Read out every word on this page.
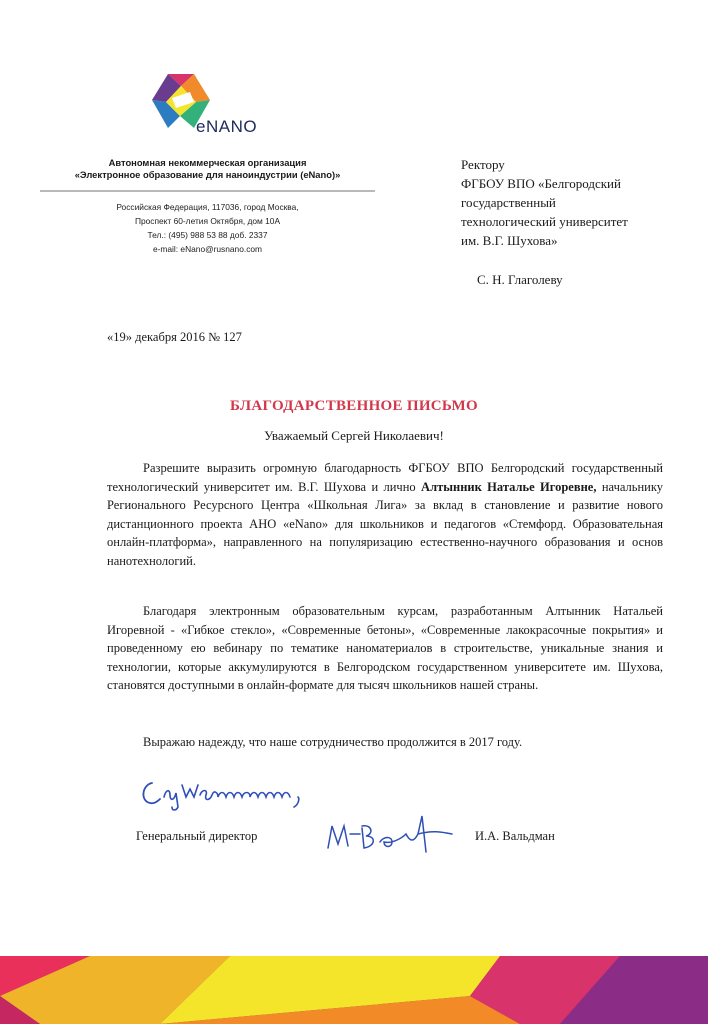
eNANO
Автономная некоммерческая организация
«Электронное образование для наноиндустрии (eNano)»
Российская Федерация, 117036, город Москва,
Проспект 60-летия Октября, дом 10А
Тел.: (495) 988 53 88 доб. 2337
e-mail: eNano@rusnano.com
Ректору
ФГБОУ ВПО «Белгородский
государственный
технологический университет
им. В.Г. Шухова»
С. Н. Глаголеву
«19» декабря 2016 № 127
БЛАГОДАРСТВЕННОЕ ПИСЬМО
Уважаемый Сергей Николаевич!
Разрешите выразить огромную благодарность ФГБОУ ВПО Белгородский государственный технологический университет им. В.Г. Шухова и лично Алтынник Наталье Игоревне, начальнику Регионального Ресурсного Центра «Школьная Лига» за вклад в становление и развитие нового дистанционного проекта АНО «eNano» для школьников и педагогов «Стемфорд. Образовательная онлайн-платформа», направленного на популяризацию естественно-научного образования и основ нанотехнологий.
Благодаря электронным образовательным курсам, разработанным Алтынник Натальей Игоревной - «Гибкое стекло», «Современные бетоны», «Современные лакокрасочные покрытия» и проведенному ею вебинару по тематике наноматериалов в строительстве, уникальные знания и технологии, которые аккумулируются в Белгородском государственном университете им. Шухова, становятся доступными в онлайн-формате для тысяч школьников нашей страны.
Выражаю надежду, что наше сотрудничество продолжится в 2017 году.
Генеральный директор	И.А. Вальдман
